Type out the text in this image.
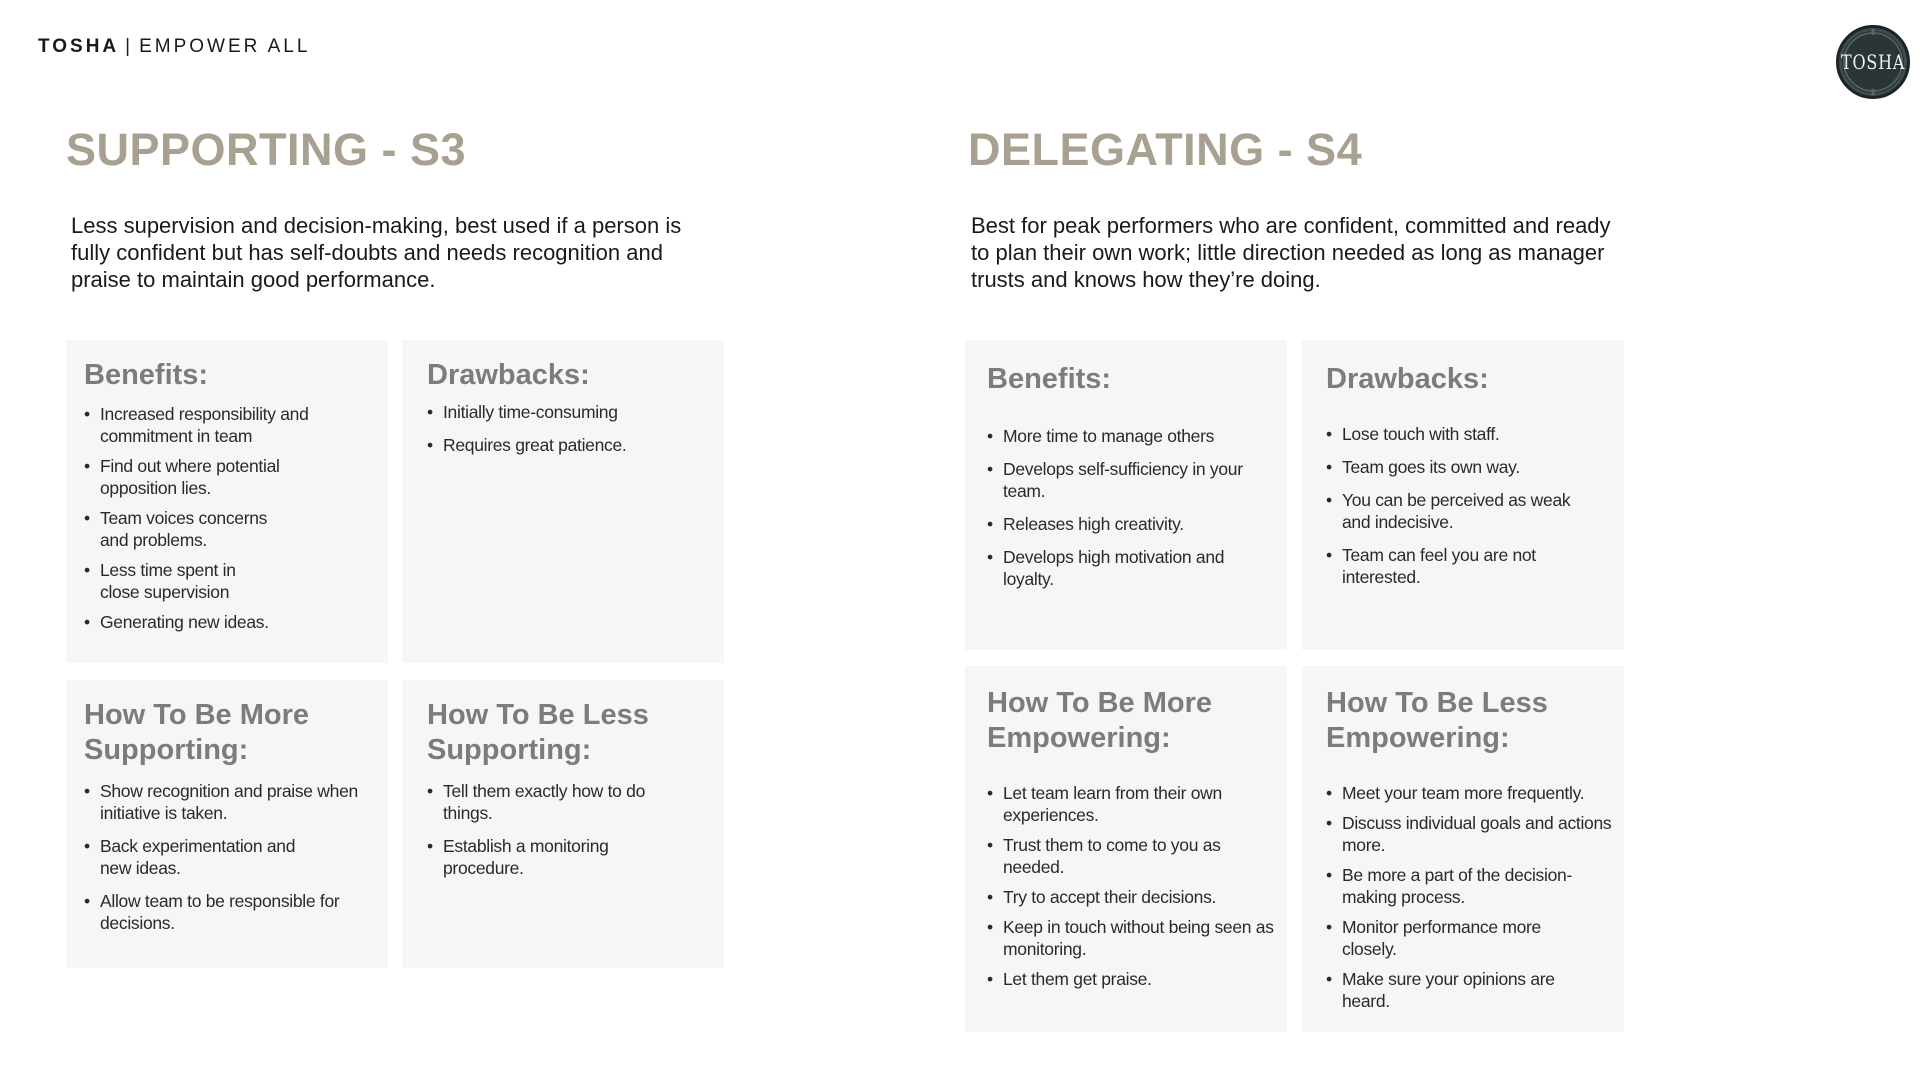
TOSHA | EMPOWER ALL
TOSHA
SUPPORTING - S3

Less supervision and decision-making, best used if a person is fully confident but has self-doubts and needs recognition and praise to maintain good performance.

Benefits:
• Increased responsibility and commitment in team
• Find out where potential opposition lies.
• Team voices concerns and problems.
• Less time spent in close supervision
• Generating new ideas.
Drawbacks:
• Initially time-consuming
• Requires great patience.
How To Be More Supporting:
• Show recognition and praise when initiative is taken.
• Back experimentation and new ideas.
• Allow team to be responsible for decisions.
How To Be Less Supporting:
• Tell them exactly how to do things.
• Establish a monitoring procedure.
DELEGATING - S4

Best for peak performers who are confident, committed and ready to plan their own work; little direction needed as long as manager trusts and knows how they’re doing.

Benefits:
• More time to manage others
• Develops self-sufficiency in your team.
• Releases high creativity.
• Develops high motivation and loyalty.
Drawbacks:
• Lose touch with staff.
• Team goes its own way.
• You can be perceived as weak and indecisive.
• Team can feel you are not interested.
How To Be More Empowering:
• Let team learn from their own experiences.
• Trust them to come to you as needed.
• Try to accept their decisions.
• Keep in touch without being seen as monitoring.
• Let them get praise.
How To Be Less Empowering:
• Meet your team more frequently.
• Discuss individual goals and actions more.
• Be more a part of the decision-making process.
• Monitor performance more closely.
• Make sure your opinions are heard.
